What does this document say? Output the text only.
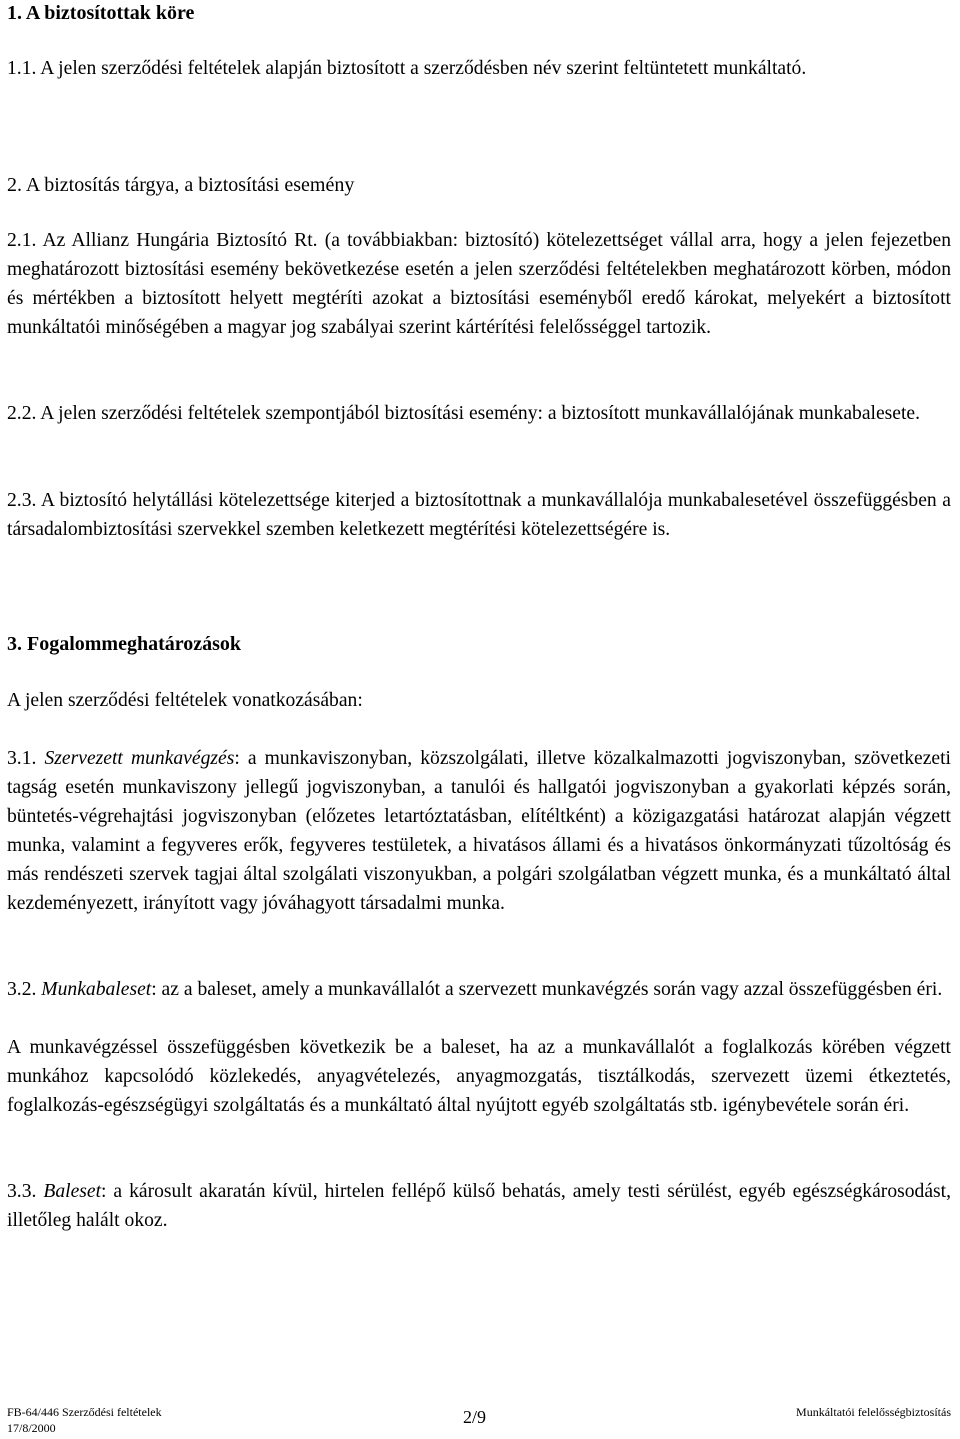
1. A biztosítottak köre

1.1. A jelen szerződési feltételek alapján biztosított a szerződésben név szerint feltüntetett munkáltató.

2. A biztosítás tárgya, a biztosítási esemény

2.1. Az Allianz Hungária Biztosító Rt. (a továbbiakban: biztosító) kötelezettséget vállal arra, hogy a jelen fejezetben meghatározott biztosítási esemény bekövetkezése esetén a jelen szerződési feltételekben meghatározott körben, módon és mértékben a biztosított helyett megtéríti azokat a biztosítási eseményből eredő károkat, melyekért a biztosított munkáltatói minőségében a magyar jog szabályai szerint kártérítési felelősséggel tartozik.

2.2. A jelen szerződési feltételek szempontjából biztosítási esemény: a biztosított munkavállalójának munkabalesete.

2.3. A biztosító helytállási kötelezettsége kiterjed a biztosítottnak a munkavállalója munkabalesetével összefüggésben a társadalombiztosítási szervekkel szemben keletkezett megtérítési kötelezettségére is.

3. Fogalommeghatározások

A jelen szerződési feltételek vonatkozásában:

3.1. Szervezett munkavégzés: a munkaviszonyban, közszolgálati, illetve közalkalmazotti jogviszonyban, szövetkezeti tagság esetén munkaviszony jellegű jogviszonyban, a tanulói és hallgatói jogviszonyban a gyakorlati képzés során, büntetés-végrehajtási jogviszonyban (előzetes letartóztatásban, elítéltként) a közigazgatási határozat alapján végzett munka, valamint a fegyveres erők, fegyveres testületek, a hivatásos állami és a hivatásos önkormányzati tűzoltóság és más rendészeti szervek tagjai által szolgálati viszonyukban, a polgári szolgálatban végzett munka, és a munkáltató által kezdeményezett, irányított vagy jóváhagyott társadalmi munka.

3.2. Munkabaleset: az a baleset, amely a munkavállalót a szervezett munkavégzés során vagy azzal összefüggésben éri.

A munkavégzéssel összefüggésben következik be a baleset, ha az a munkavállalót a foglalkozás körében végzett munkához kapcsolódó közlekedés, anyagvételezés, anyagmozgatás, tisztálkodás, szervezett üzemi étkeztetés, foglalkozás-egészségügyi szolgáltatás és a munkáltató által nyújtott egyéb szolgáltatás stb. igénybevétele során éri.

3.3. Baleset: a károsult akaratán kívül, hirtelen fellépő külső behatás, amely testi sérülést, egyéb egészségkárosodást, illetőleg halált okoz.

FB-64/446 Szerződési feltételek
17/8/2000
2/9	Munkáltatói felelősségbiztosítás
